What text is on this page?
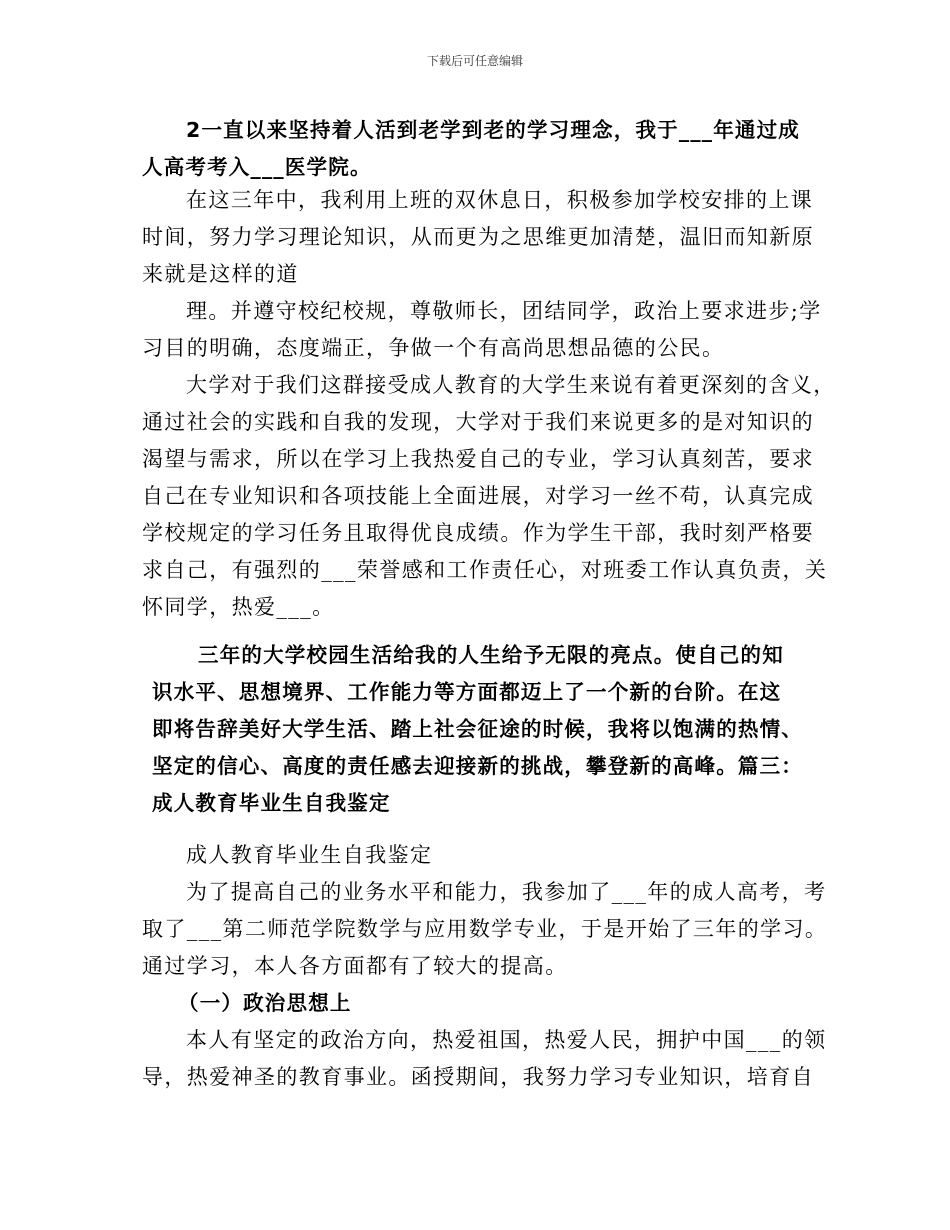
下载后可任意编辑

2一直以来坚持着人活到老学到老的学习理念，我于___年通过成

人高考考入___医学院。

在这三年中，我利用上班的双休息日，积极参加学校安排的上课

时间，努力学习理论知识，从而更为之思维更加清楚，温旧而知新原

来就是这样的道

理。并遵守校纪校规，尊敬师长，团结同学，政治上要求进步;学

习目的明确，态度端正，争做一个有高尚思想品德的公民。

大学对于我们这群接受成人教育的大学生来说有着更深刻的含义，

通过社会的实践和自我的发现，大学对于我们来说更多的是对知识的

渴望与需求，所以在学习上我热爱自己的专业，学习认真刻苦，要求

自己在专业知识和各项技能上全面进展，对学习一丝不苟，认真完成

学校规定的学习任务且取得优良成绩。作为学生干部，我时刻严格要

求自己，有强烈的___荣誉感和工作责任心，对班委工作认真负责，关

怀同学，热爱___。

三年的大学校园生活给我的人生给予无限的亮点。使自己的知

识水平、思想境界、工作能力等方面都迈上了一个新的台阶。在这

即将告辞美好大学生活、踏上社会征途的时候，我将以饱满的热情、

坚定的信心、高度的责任感去迎接新的挑战，攀登新的高峰。篇三：

成人教育毕业生自我鉴定

成人教育毕业生自我鉴定

为了提高自己的业务水平和能力，我参加了___年的成人高考，考

取了___第二师范学院数学与应用数学专业，于是开始了三年的学习。

通过学习，本人各方面都有了较大的提高。

（一）政治思想上

本人有坚定的政治方向，热爱祖国，热爱人民，拥护中国___的领

导，热爱神圣的教育事业。函授期间，我努力学习专业知识，培育自
